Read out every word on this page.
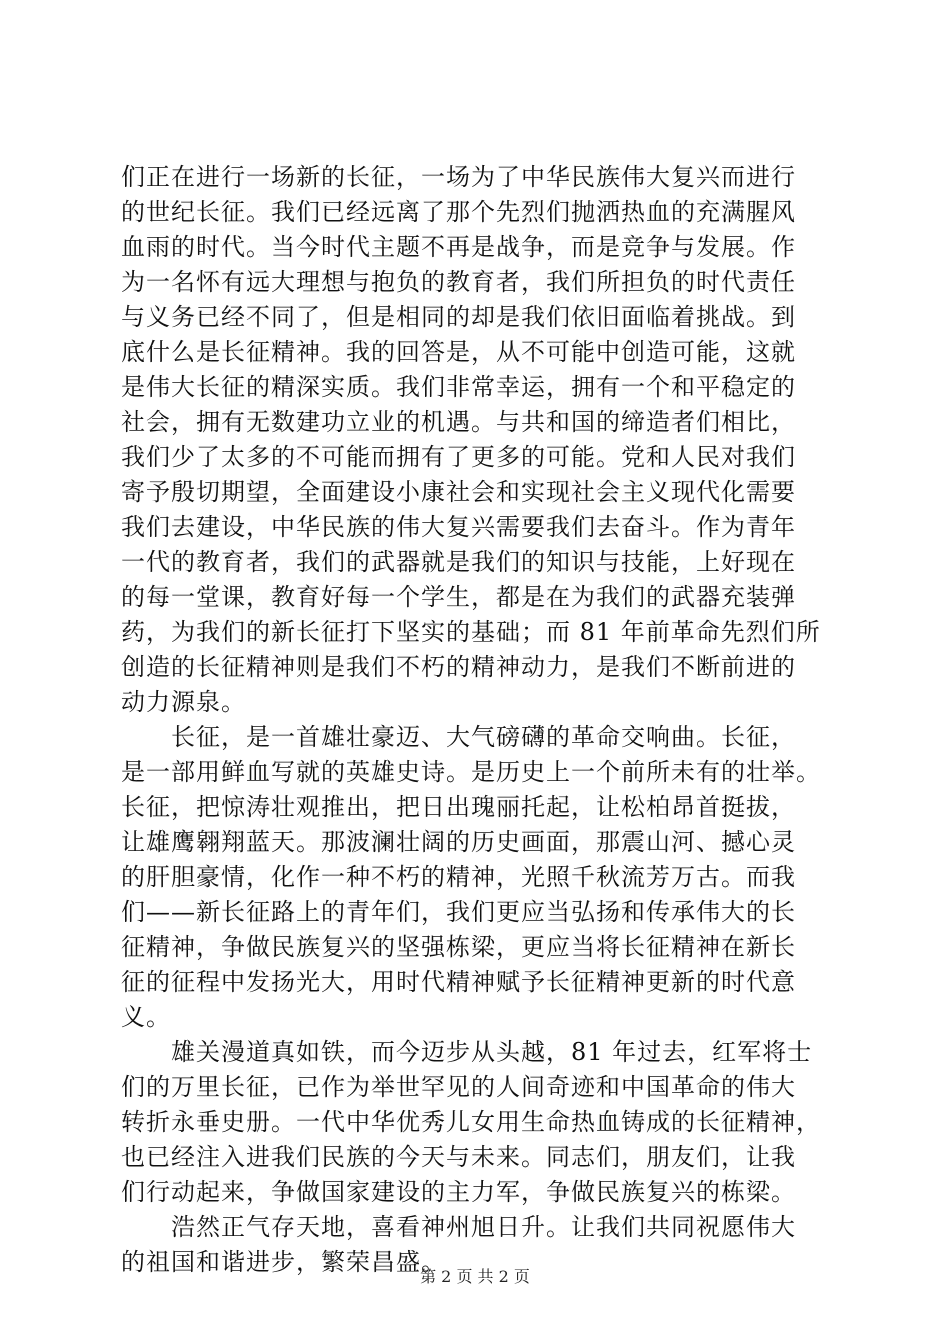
们正在进行一场新的长征，一场为了中华民族伟大复兴而进行
的世纪长征。我们已经远离了那个先烈们抛洒热血的充满腥风
血雨的时代。当今时代主题不再是战争，而是竞争与发展。作
为一名怀有远大理想与抱负的教育者，我们所担负的时代责任
与义务已经不同了，但是相同的却是我们依旧面临着挑战。到
底什么是长征精神。我的回答是，从不可能中创造可能，这就
是伟大长征的精深实质。我们非常幸运，拥有一个和平稳定的
社会，拥有无数建功立业的机遇。与共和国的缔造者们相比，
我们少了太多的不可能而拥有了更多的可能。党和人民对我们
寄予殷切期望，全面建设小康社会和实现社会主义现代化需要
我们去建设，中华民族的伟大复兴需要我们去奋斗。作为青年
一代的教育者，我们的武器就是我们的知识与技能，上好现在
的每一堂课，教育好每一个学生，都是在为我们的武器充装弹
药，为我们的新长征打下坚实的基础；而 81 年前革命先烈们所
创造的长征精神则是我们不朽的精神动力，是我们不断前进的
动力源泉。
长征，是一首雄壮豪迈、大气磅礴的革命交响曲。长征，
是一部用鲜血写就的英雄史诗。是历史上一个前所未有的壮举。
长征，把惊涛壮观推出，把日出瑰丽托起，让松柏昂首挺拔，
让雄鹰翱翔蓝天。那波澜壮阔的历史画面，那震山河、撼心灵
的肝胆豪情，化作一种不朽的精神，光照千秋流芳万古。而我
们——新长征路上的青年们，我们更应当弘扬和传承伟大的长
征精神，争做民族复兴的坚强栋梁，更应当将长征精神在新长
征的征程中发扬光大，用时代精神赋予长征精神更新的时代意
义。
雄关漫道真如铁，而今迈步从头越，81 年过去，红军将士
们的万里长征，已作为举世罕见的人间奇迹和中国革命的伟大
转折永垂史册。一代中华优秀儿女用生命热血铸成的长征精神，
也已经注入进我们民族的今天与未来。同志们，朋友们，让我
们行动起来，争做国家建设的主力军，争做民族复兴的栋梁。
浩然正气存天地，喜看神州旭日升。让我们共同祝愿伟大
的祖国和谐进步，繁荣昌盛。
第 2 页 共 2 页
